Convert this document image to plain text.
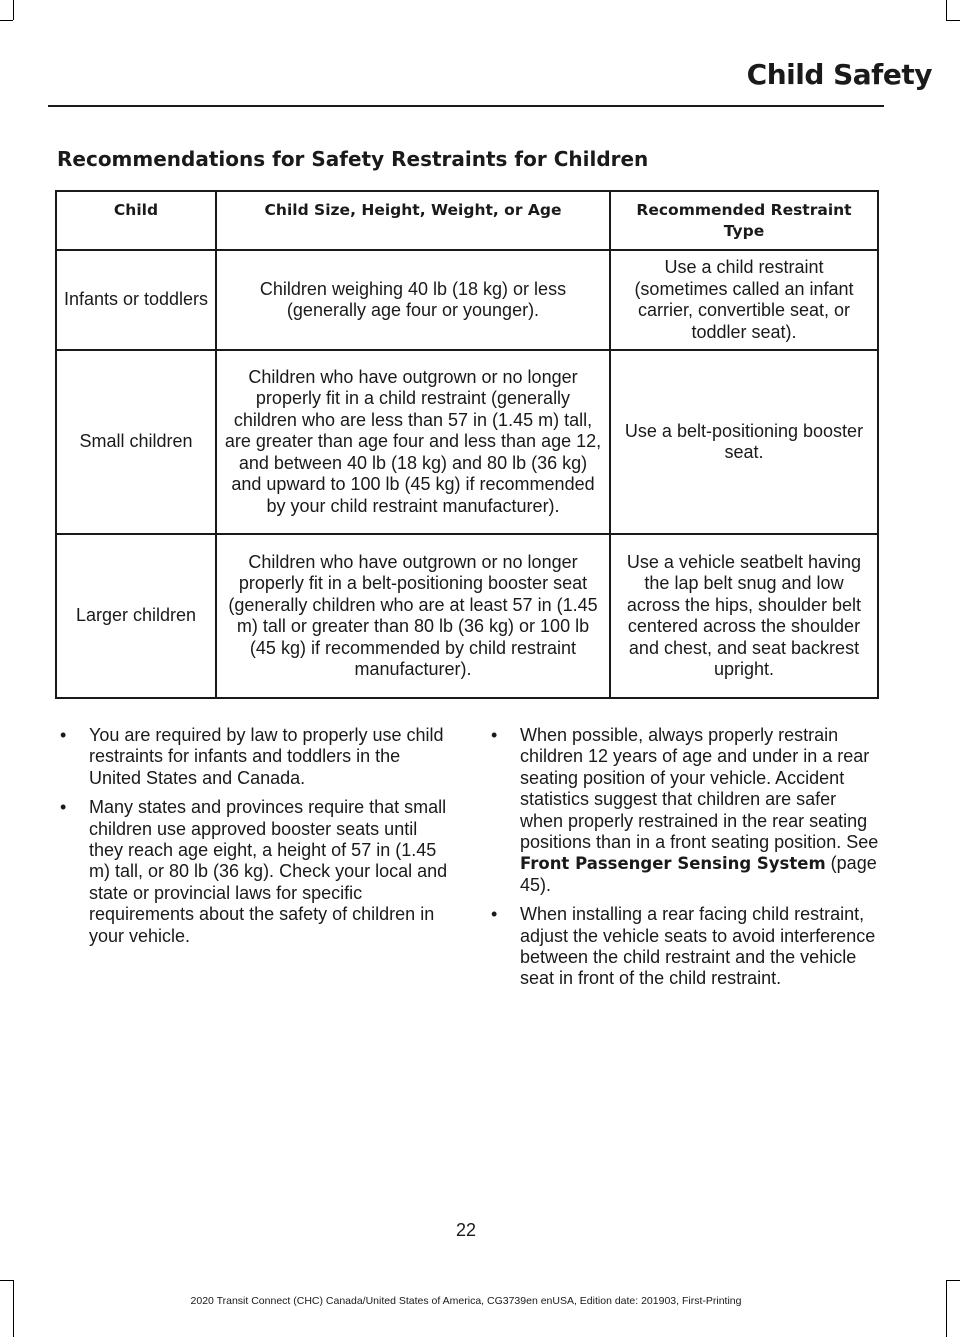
Child Safety
Recommendations for Safety Restraints for Children
Child	Child Size, Height, Weight, or Age	Recommended Restraint Type
Infants or toddlers	Children weighing 40 lb (18 kg) or less (generally age four or younger).	Use a child restraint (sometimes called an infant carrier, convertible seat, or toddler seat).
Small children	Children who have outgrown or no longer properly fit in a child restraint (generally children who are less than 57 in (1.45 m) tall, are greater than age four and less than age 12, and between 40 lb (18 kg) and 80 lb (36 kg) and upward to 100 lb (45 kg) if recommended by your child restraint manufacturer).	Use a belt-positioning booster seat.
Larger children	Children who have outgrown or no longer properly fit in a belt-positioning booster seat (generally children who are at least 57 in (1.45 m) tall or greater than 80 lb (36 kg) or 100 lb (45 kg) if recommended by child restraint manufacturer).	Use a vehicle seatbelt having the lap belt snug and low across the hips, shoulder belt centered across the shoulder and chest, and seat backrest upright.
• You are required by law to properly use child restraints for infants and toddlers in the United States and Canada.
• Many states and provinces require that small children use approved booster seats until they reach age eight, a height of 57 in (1.45 m) tall, or 80 lb (36 kg). Check your local and state or provincial laws for specific requirements about the safety of children in your vehicle.
• When possible, always properly restrain children 12 years of age and under in a rear seating position of your vehicle. Accident statistics suggest that children are safer when properly restrained in the rear seating positions than in a front seating position. See Front Passenger Sensing System (page 45).
• When installing a rear facing child restraint, adjust the vehicle seats to avoid interference between the child restraint and the vehicle seat in front of the child restraint.
22
2020 Transit Connect (CHC) Canada/United States of America, CG3739en enUSA, Edition date: 201903, First-Printing
